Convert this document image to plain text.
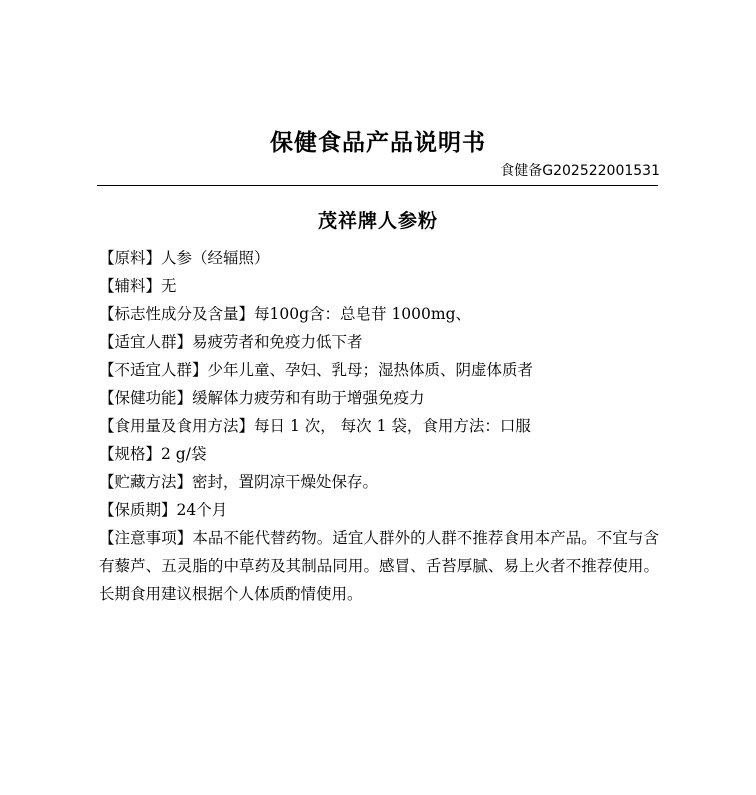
保健食品产品说明书
食健备G202522001531
茂祥牌人参粉

【原料】人参（经辐照）

【辅料】无

【标志性成分及含量】每100g含：总皂苷 1000mg、

【适宜人群】易疲劳者和免疫力低下者

【不适宜人群】少年儿童、孕妇、乳母；湿热体质、阴虚体质者

【保健功能】缓解体力疲劳和有助于增强免疫力

【食用量及食用方法】每日 1 次， 每次 1 袋，食用方法：口服

【规格】2 g/袋

【贮藏方法】密封，置阴凉干燥处保存。

【保质期】24个月

【注意事项】本品不能代替药物。适宜人群外的人群不推荐食用本产品。不宜与含有藜芦、五灵脂的中草药及其制品同用。感冒、舌苔厚腻、易上火者不推荐使用。长期食用建议根据个人体质酌情使用。
